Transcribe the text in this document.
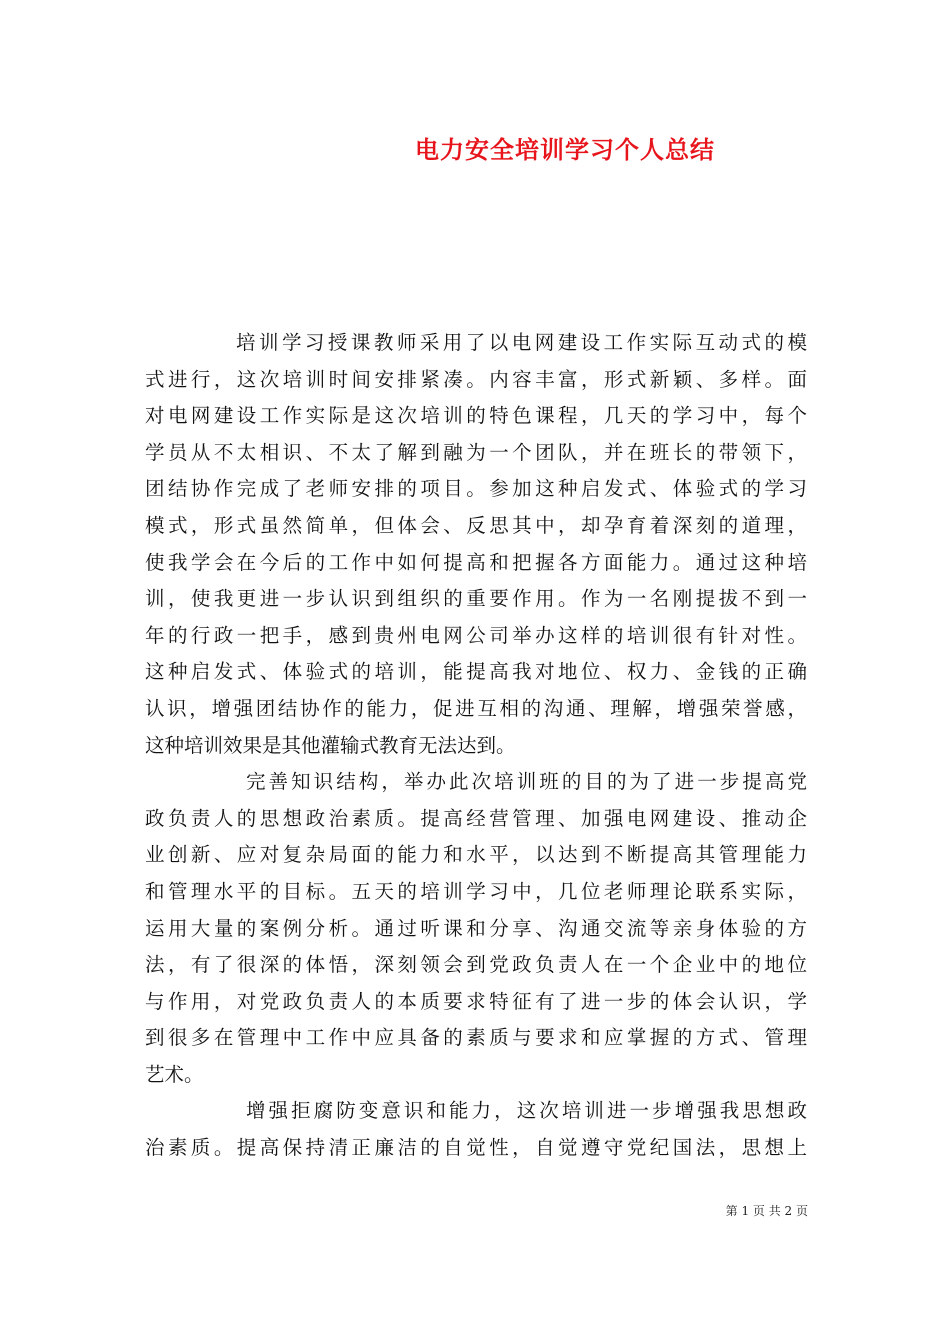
电力安全培训学习个人总结
培训学习授课教师采用了以电网建设工作实际互动式的模
式进行，这次培训时间安排紧凑。内容丰富，形式新颖、多样。面
对电网建设工作实际是这次培训的特色课程，几天的学习中，每个
学员从不太相识、不太了解到融为一个团队，并在班长的带领下，
团结协作完成了老师安排的项目。参加这种启发式、体验式的学习
模式，形式虽然简单，但体会、反思其中，却孕育着深刻的道理，
使我学会在今后的工作中如何提高和把握各方面能力。通过这种培
训，使我更进一步认识到组织的重要作用。作为一名刚提拔不到一
年的行政一把手，感到贵州电网公司举办这样的培训很有针对性。
这种启发式、体验式的培训，能提高我对地位、权力、金钱的正确
认识，增强团结协作的能力，促进互相的沟通、理解，增强荣誉感，
这种培训效果是其他灌输式教育无法达到。
完善知识结构，举办此次培训班的目的为了进一步提高党
政负责人的思想政治素质。提高经营管理、加强电网建设、推动企
业创新、应对复杂局面的能力和水平，以达到不断提高其管理能力
和管理水平的目标。五天的培训学习中，几位老师理论联系实际，
运用大量的案例分析。通过听课和分享、沟通交流等亲身体验的方
法，有了很深的体悟，深刻领会到党政负责人在一个企业中的地位
与作用，对党政负责人的本质要求特征有了进一步的体会认识，学
到很多在管理中工作中应具备的素质与要求和应掌握的方式、管理
艺术。
增强拒腐防变意识和能力，这次培训进一步增强我思想政
治素质。提高保持清正廉洁的自觉性，自觉遵守党纪国法，思想上
第 1 页 共 2 页
